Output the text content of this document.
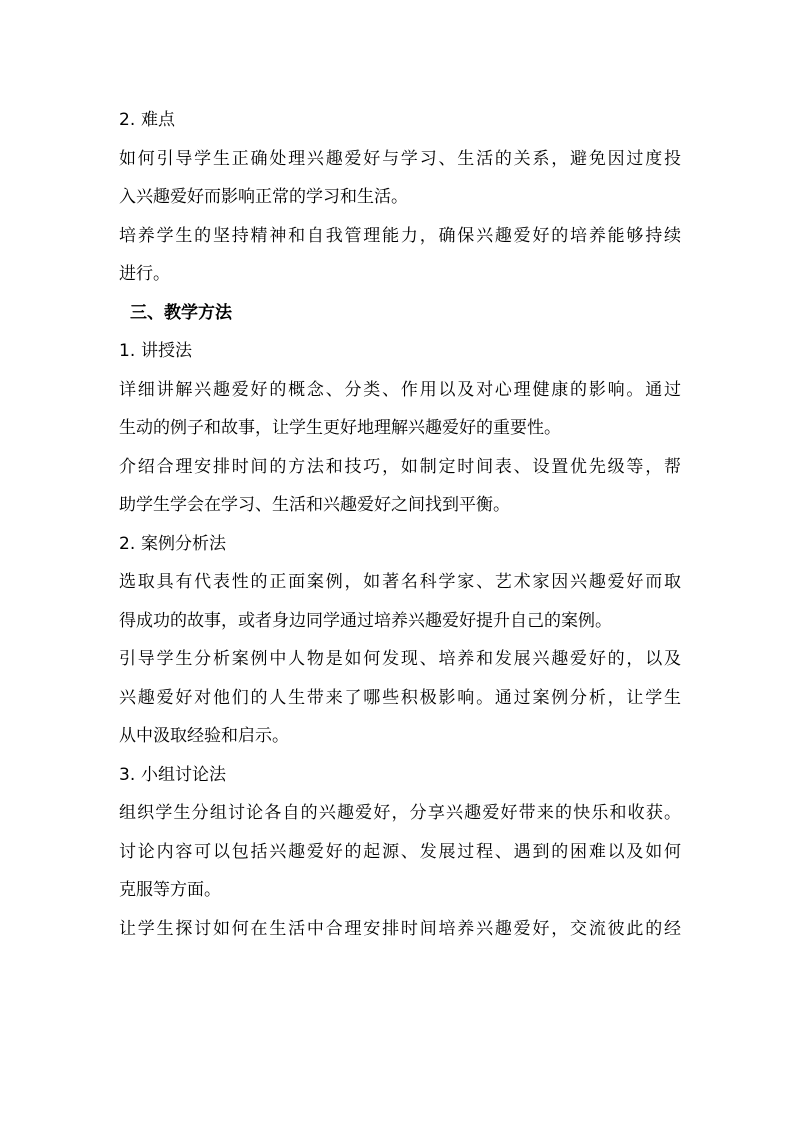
2. 难点
如何引导学生正确处理兴趣爱好与学习、生活的关系，避免因过度投
入兴趣爱好而影响正常的学习和生活。
培养学生的坚持精神和自我管理能力，确保兴趣爱好的培养能够持续
进行。
三、教学方法
1. 讲授法
详细讲解兴趣爱好的概念、分类、作用以及对心理健康的影响。通过
生动的例子和故事，让学生更好地理解兴趣爱好的重要性。
介绍合理安排时间的方法和技巧，如制定时间表、设置优先级等，帮
助学生学会在学习、生活和兴趣爱好之间找到平衡。
2. 案例分析法
选取具有代表性的正面案例，如著名科学家、艺术家因兴趣爱好而取
得成功的故事，或者身边同学通过培养兴趣爱好提升自己的案例。
引导学生分析案例中人物是如何发现、培养和发展兴趣爱好的，以及
兴趣爱好对他们的人生带来了哪些积极影响。通过案例分析，让学生
从中汲取经验和启示。
3. 小组讨论法
组织学生分组讨论各自的兴趣爱好，分享兴趣爱好带来的快乐和收获。
讨论内容可以包括兴趣爱好的起源、发展过程、遇到的困难以及如何
克服等方面。
让学生探讨如何在生活中合理安排时间培养兴趣爱好，交流彼此的经
